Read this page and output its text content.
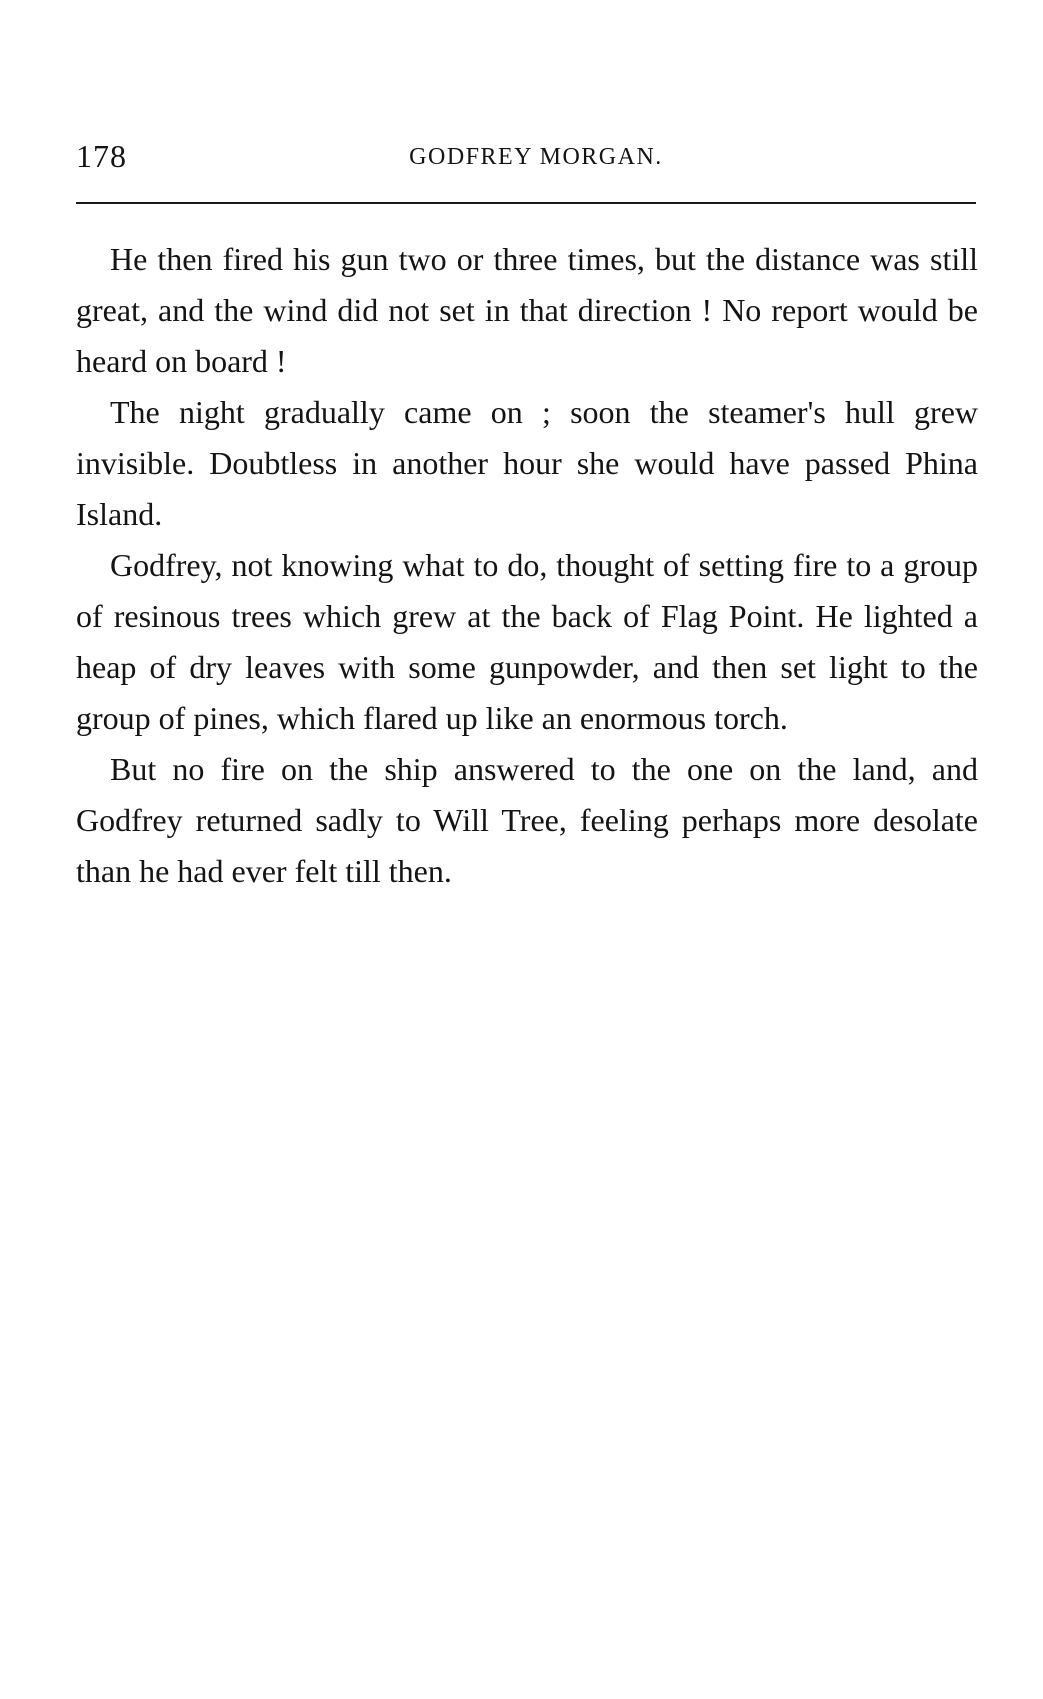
178	GODFREY MORGAN.

He then fired his gun two or three times, but the distance was still great, and the wind did not set in that direction ! No report would be heard on board !

The night gradually came on ; soon the steamer's hull grew invisible. Doubtless in another hour she would have passed Phina Island.

Godfrey, not knowing what to do, thought of setting fire to a group of resinous trees which grew at the back of Flag Point. He lighted a heap of dry leaves with some gunpowder, and then set light to the group of pines, which flared up like an enormous torch.

But no fire on the ship answered to the one on the land, and Godfrey returned sadly to Will Tree, feeling perhaps more desolate than he had ever felt till then.
